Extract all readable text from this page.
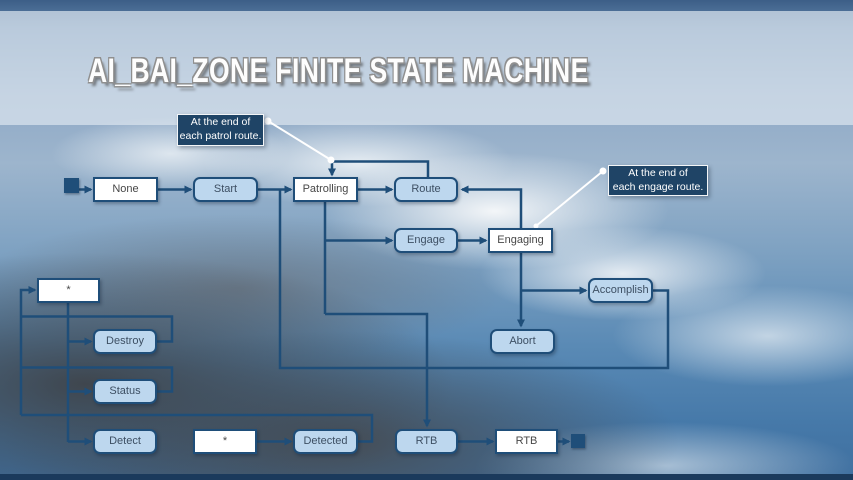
AI_BAI_ZONE FINITE STATE MACHINE
None	Start	Patrolling	Route
Engage	Engaging
Accomplish
Abort
*
Destroy
Status
Detect	*	Detected	RTB	RTB
At the end of
each patrol route.
At the end of
each engage route.
